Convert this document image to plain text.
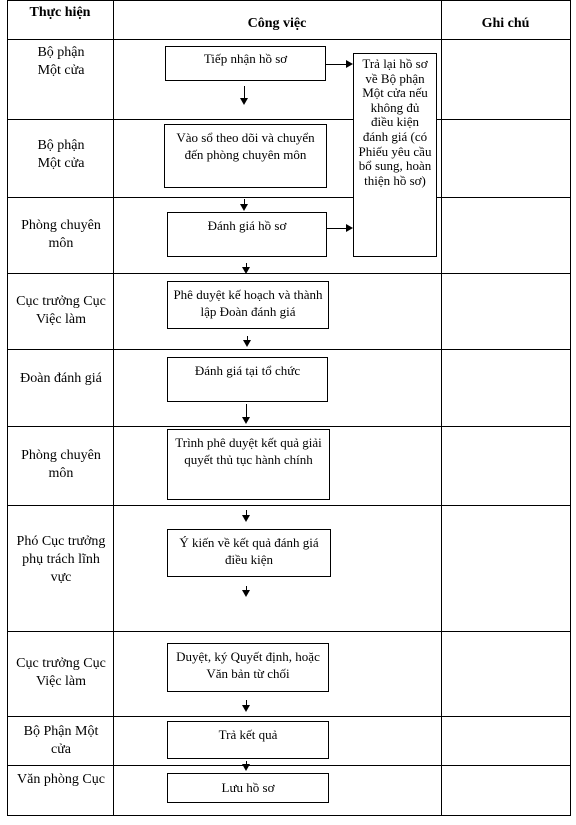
Thực hiện
Công việc	Ghi chú
Bộ phận Một cửa
Bộ phận Một cửa
Phòng chuyên môn
Cục trưởng Cục Việc làm
Đoàn đánh giá
Phòng chuyên môn
Phó Cục trưởng phụ trách lĩnh vực
Cục trưởng Cục Việc làm
Bộ Phận Một cửa
Văn phòng Cục
Tiếp nhận hồ sơ
Vào sổ theo dõi và chuyển đến phòng chuyên môn
Đánh giá hồ sơ
Phê duyệt kế hoạch và thành lập Đoàn đánh giá
Đánh giá tại tổ chức
Trình phê duyệt kết quả giải quyết thủ tục hành chính
Ý kiến về kết quả đánh giá điều kiện
Duyệt, ký Quyết định, hoặc Văn bản từ chối
Trả kết quả
Lưu hồ sơ
Trả lại hồ sơ về Bộ phận Một cửa nếu không đủ điều kiện đánh giá (có Phiếu yêu cầu bổ sung, hoàn thiện hồ sơ)
